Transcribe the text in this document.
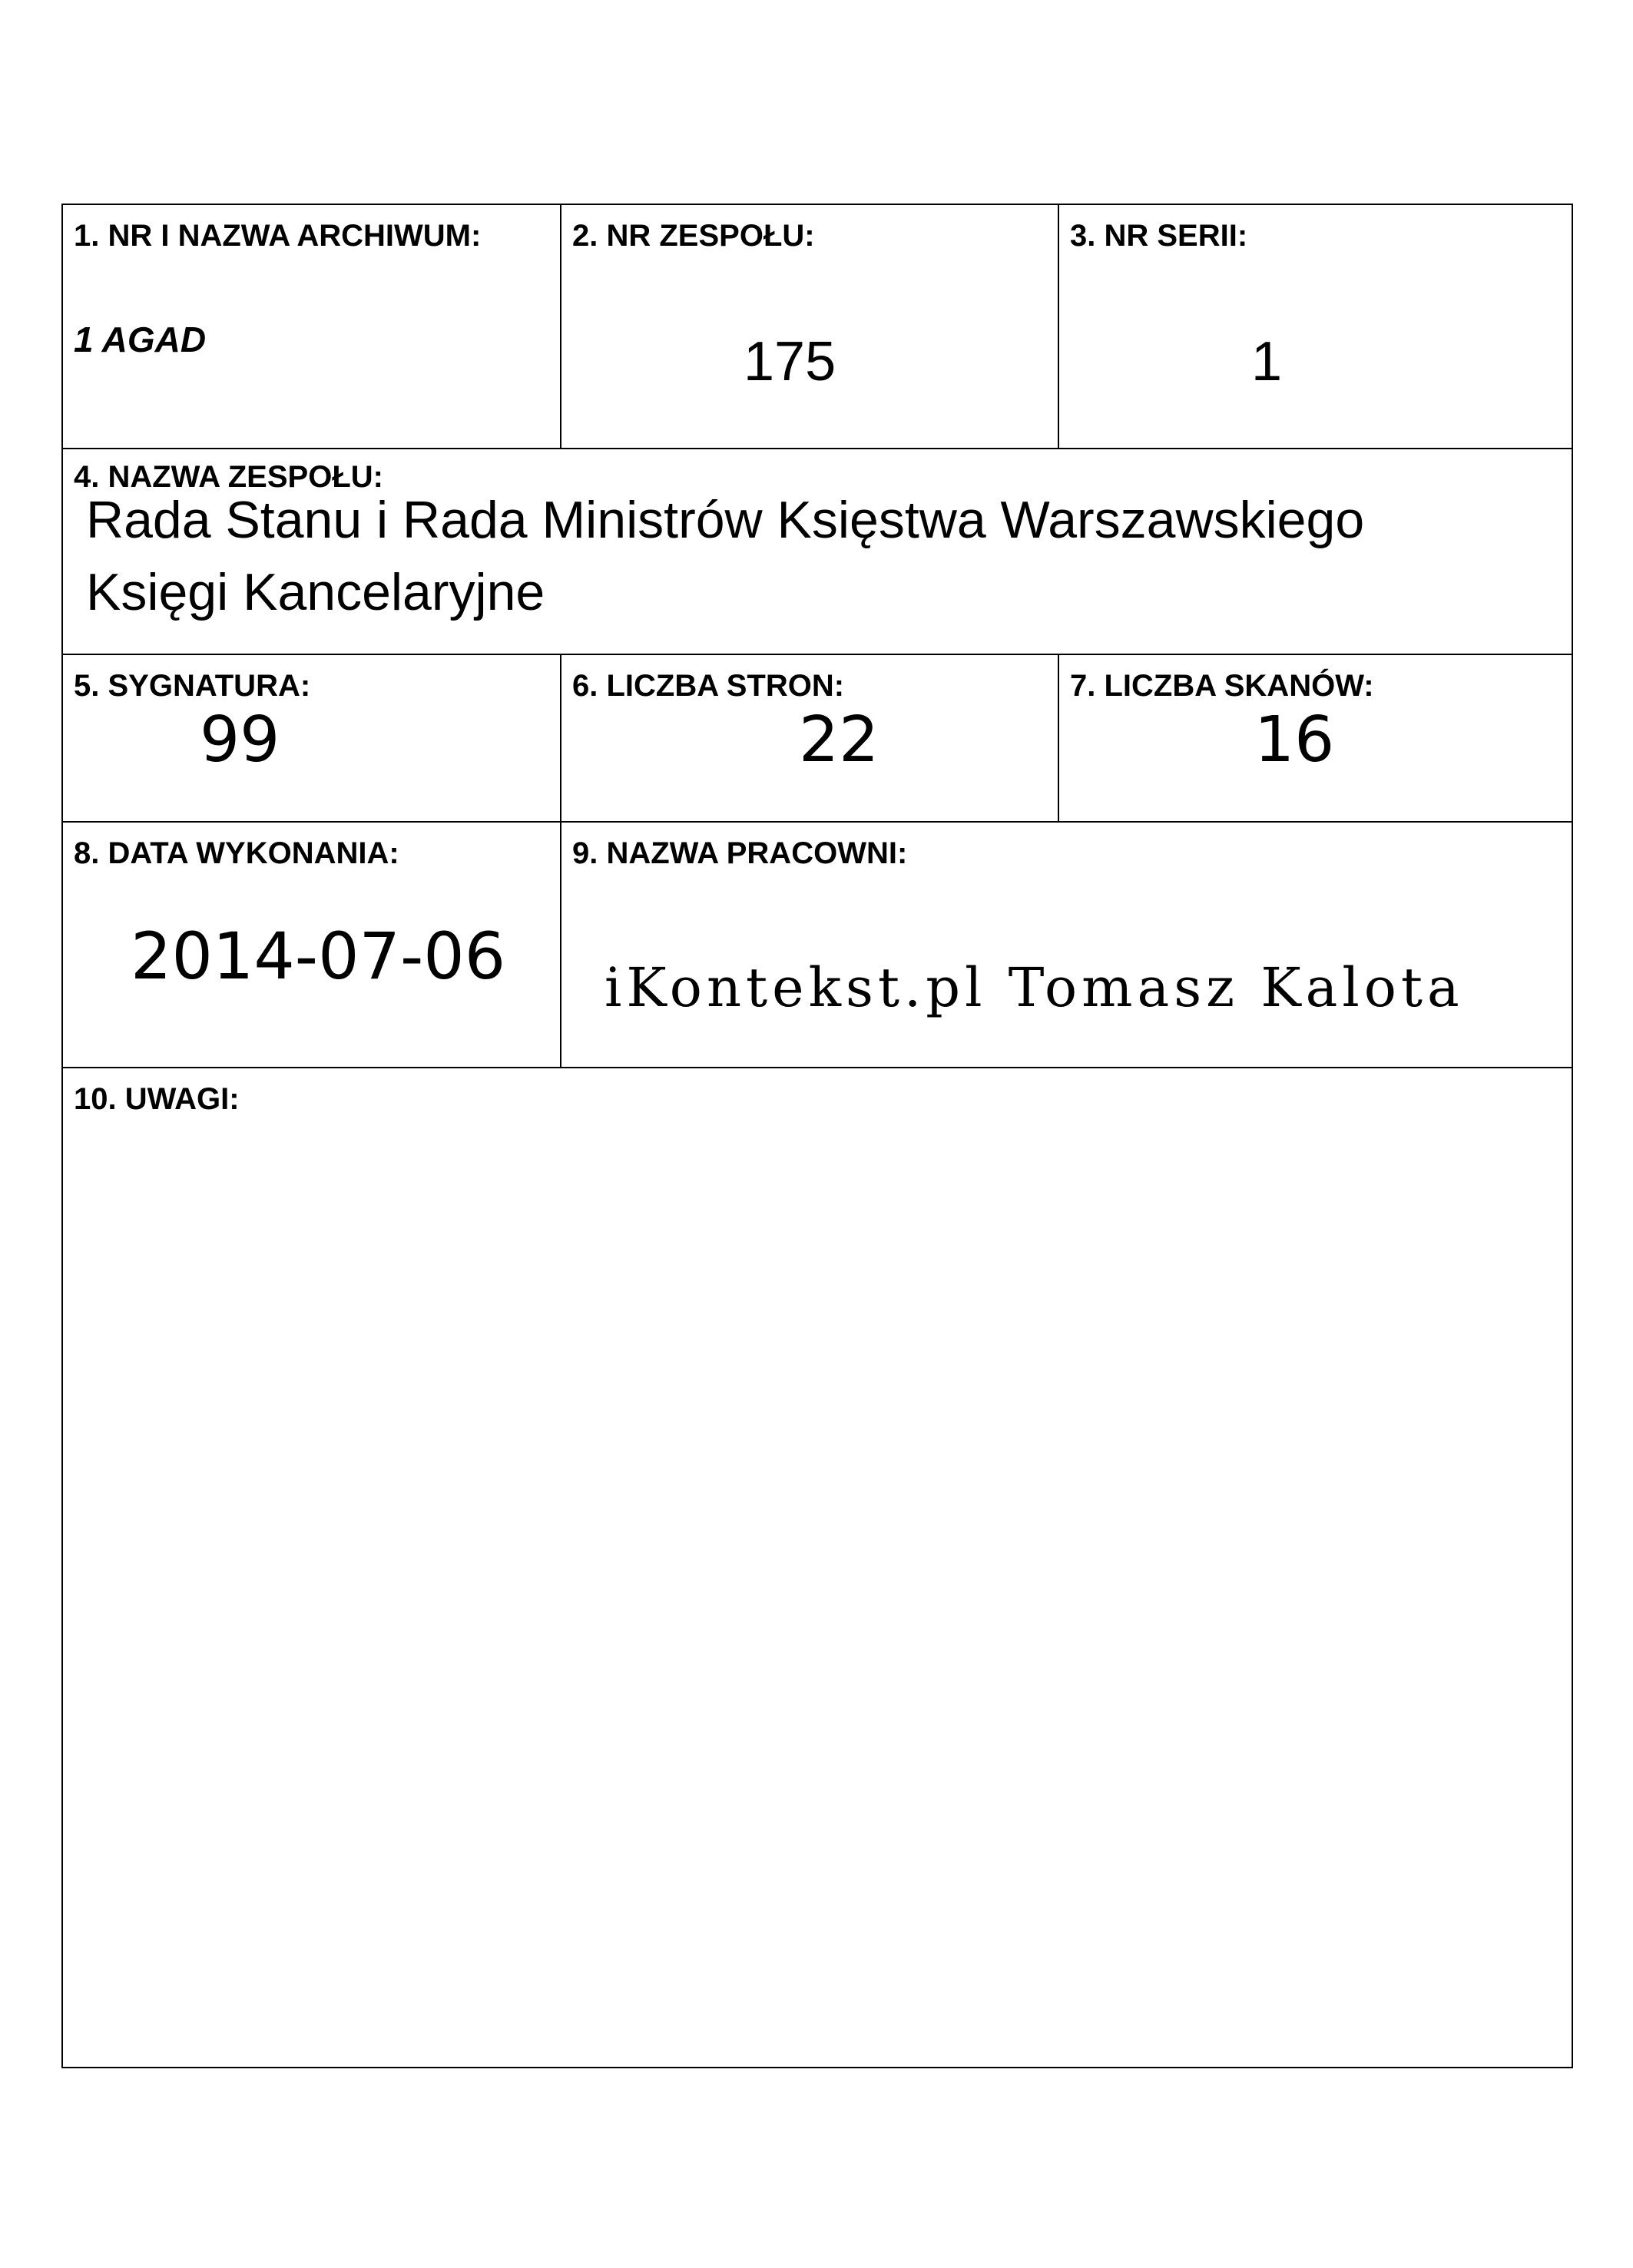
1. NR I NAZWA ARCHIWUM:
1 AGAD
2. NR ZESPOŁU:
175
3. NR SERII:
1
4. NAZWA ZESPOŁU:
Rada Stanu i Rada Ministrów Księstwa Warszawskiego
Księgi Kancelaryjne
5. SYGNATURA:
99
6. LICZBA STRON:
22
7. LICZBA SKANÓW:
16
8. DATA WYKONANIA:
2014-07-06
9. NAZWA PRACOWNI:
iKontekst.pl Tomasz Kalota
10. UWAGI:
